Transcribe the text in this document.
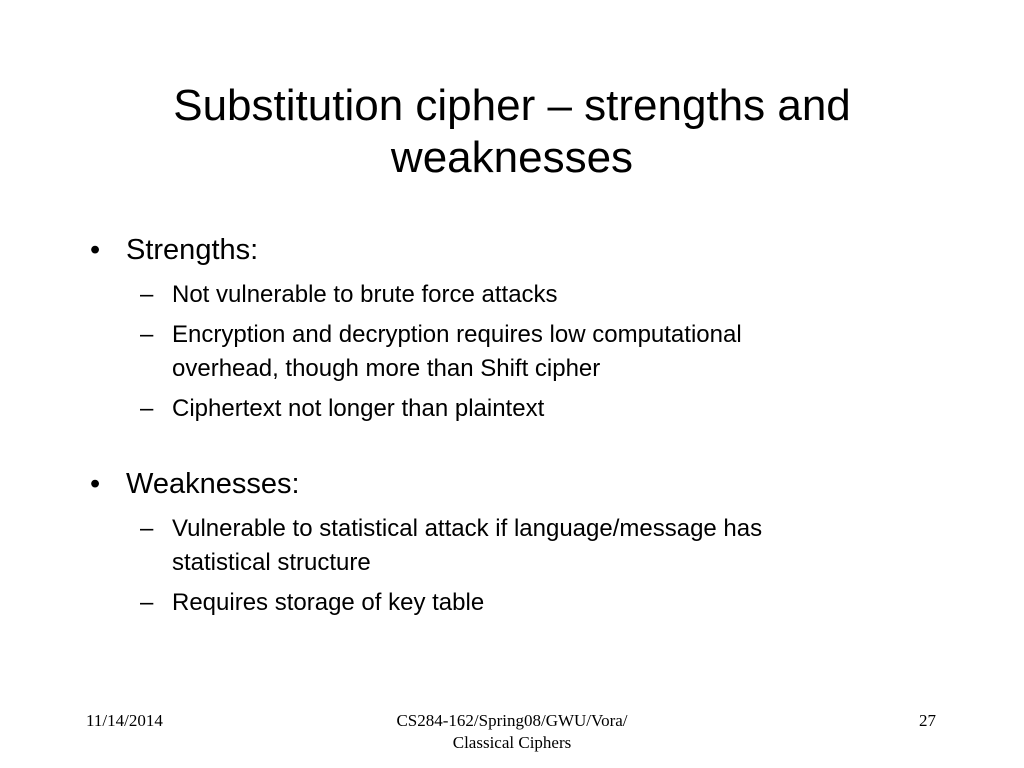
Substitution cipher – strengths and
weaknesses

• Strengths:

– Not vulnerable to brute force attacks

– Encryption and decryption requires low computational
overhead, though more than Shift cipher

– Ciphertext not longer than plaintext

• Weaknesses:

– Vulnerable to statistical attack if language/message has
statistical structure

– Requires storage of key table

11/14/2014	CS284-162/Spring08/GWU/Vora/
Classical Ciphers
27
